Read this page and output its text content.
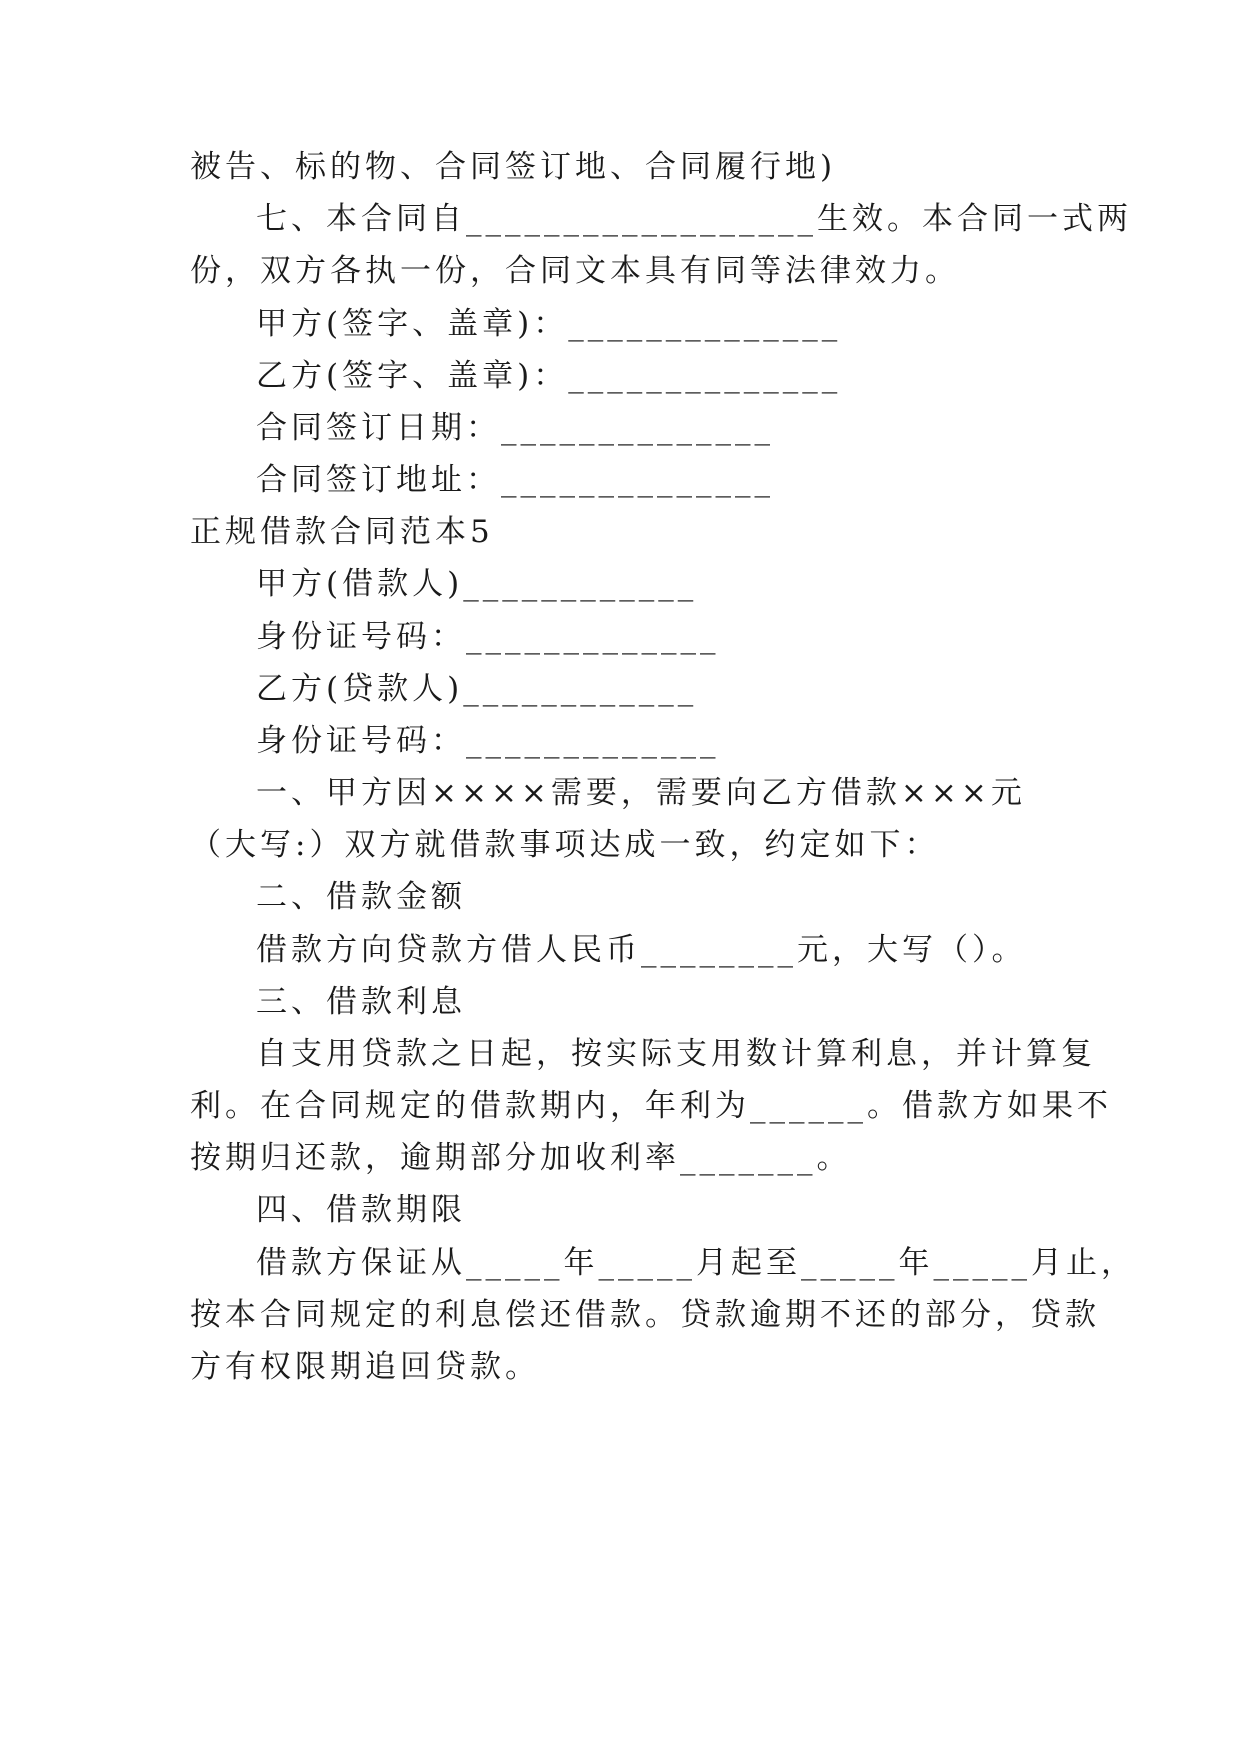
被告、标的物、合同签订地、合同履行地)
七、本合同自__________________生效。本合同一式两
份，双方各执一份，合同文本具有同等法律效力。
甲方(签字、盖章)：______________
乙方(签字、盖章)：______________
合同签订日期：______________
合同签订地址：______________
正规借款合同范本5
甲方(借款人)____________
身份证号码：_____________
乙方(贷款人)____________
身份证号码：_____________
一、甲方因××××需要，需要向乙方借款×××元
（大写:）双方就借款事项达成一致，约定如下：
二、借款金额
借款方向贷款方借人民币________元，大写（）。
三、借款利息
自支用贷款之日起，按实际支用数计算利息，并计算复
利。在合同规定的借款期内，年利为______。借款方如果不
按期归还款，逾期部分加收利率_______。
四、借款期限
借款方保证从_____年_____月起至_____年_____月止，
按本合同规定的利息偿还借款。贷款逾期不还的部分，贷款
方有权限期追回贷款。
